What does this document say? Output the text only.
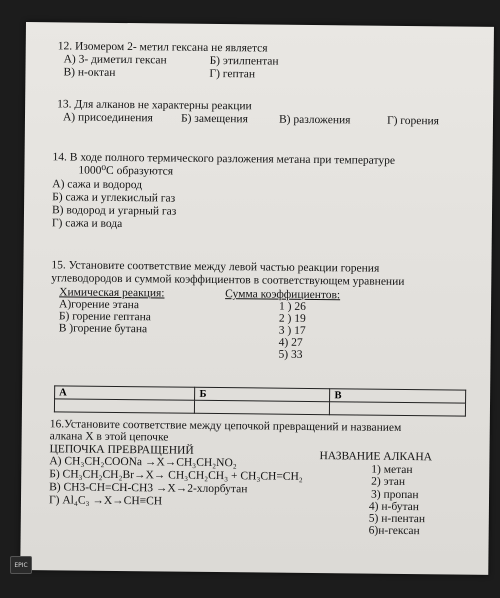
12. Изомером 2- метил гексана не является
А) 3- диметил гексан	Б) этилпентан
В) н-октан	Г) гептан
13. Для алканов не характерны реакции
А) присоединения Б) замещения	В) разложения	Г) горения
14. В ходе полного термического разложения метана при температуре
1000⁰С образуются
А) сажа и водород
Б) сажа и углекислый газ
В) водород и угарный газ
Г) сажа и вода
15. Установите соответствие между левой частью реакции горения
углеводородов и суммой коэффициентов в соответствующем уравнении
Химическая реакция:	Сумма коэффициентов:
А)горение этана
Б) горение гептана
В )горение бутана
1 ) 26
2 ) 19
3 ) 17
4) 27
5) 33
А	Б	В

16.Установите соответствие между цепочкой превращений и названием
алкана Х в этой цепочке
ЦЕПОЧКА ПРЕВРАЩЕНИЙ	НАЗВАНИЕ АЛКАНА
А) CH₃CH₂COONa →X→CH₃CH₂NO₂
Б) CH₃CH₂CH₂Br→X→ CH₃CH₂CH₃ + CH₃CH=CH₂
В) CH3-CH=CH-CH3 →X→2-хлорбутан
Г) Al₄C₃ →X→CH≡CH
1) метан
2) этан
3) пропан
4) н-бутан
5) н-пентан
6)н-гексан
EPIC
